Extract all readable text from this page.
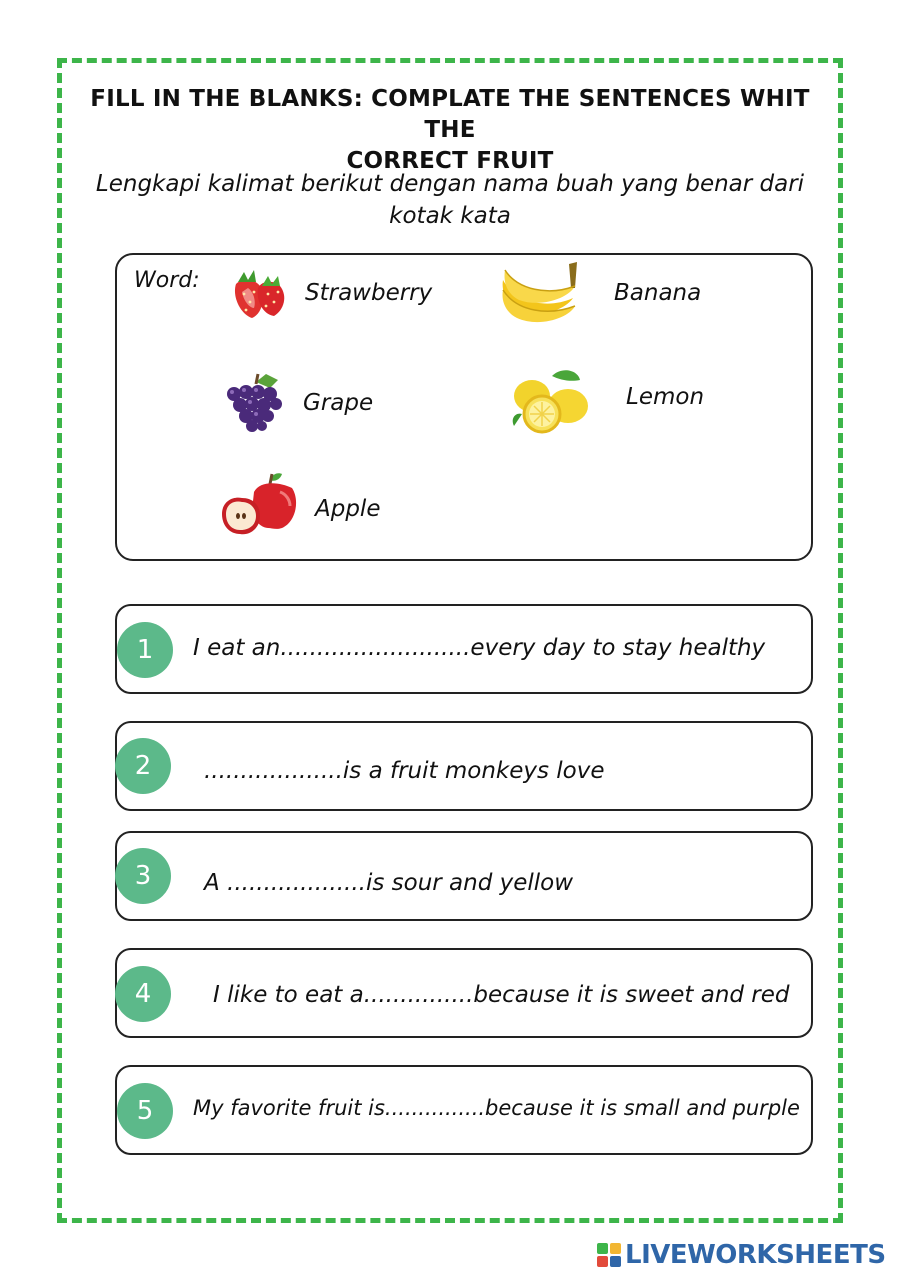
FILL IN THE BLANKS: COMPLATE THE SENTENCES WHIT THE
CORRECT FRUIT
Lengkapi kalimat berikut dengan nama buah yang benar dari
kotak kata
Word:	Strawberry	Banana
Grape	Lemon
Apple
1	I eat an..........................every day to stay healthy
2	...................is a fruit monkeys love
3	A ...................is sour and yellow
4	I like to eat a...............because it is sweet and red
5	My favorite fruit is...............because it is small and purple
LIVEWORKSHEETS
